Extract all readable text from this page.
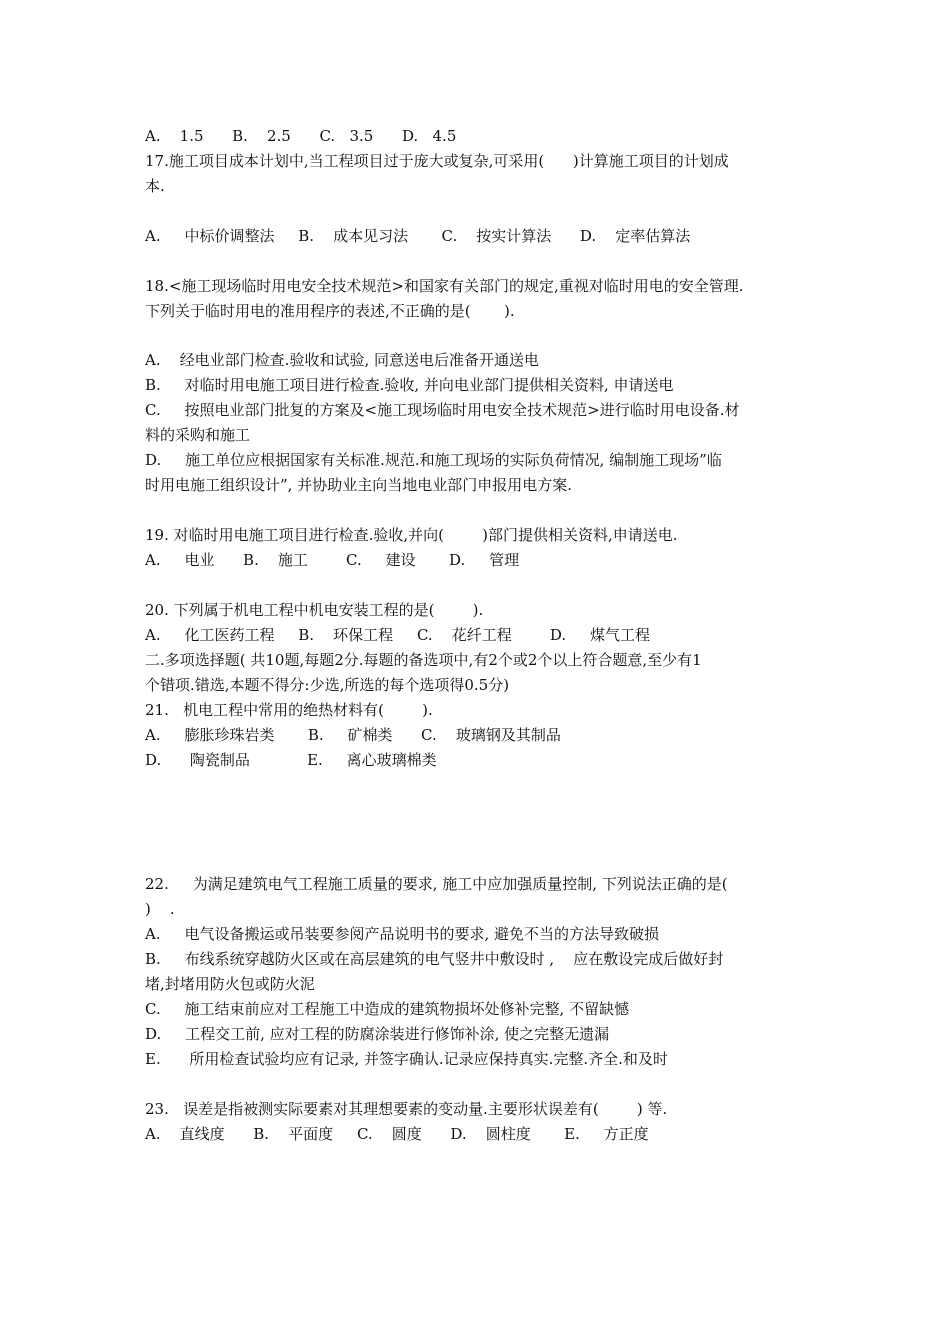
A.    1.5      B.    2.5      C.   3.5      D.   4.5
17.施工项目成本计划中,当工程项目过于庞大或复杂,可采用(      )计算施工项目的计划成
本.
A.     中标价调整法     B.    成本见习法       C.    按实计算法      D.    定率估算法
18.<施工现场临时用电安全技术规范>和国家有关部门的规定,重视对临时用电的安全管理.
下列关于临时用电的准用程序的表述,不正确的是(       ).
A.    经电业部门检查.验收和试验, 同意送电后准备开通送电
B.     对临时用电施工项目进行检查.验收, 并向电业部门提供相关资料, 申请送电
C.     按照电业部门批复的方案及<施工现场临时用电安全技术规范>进行临时用电设备.材
料的采购和施工
D.     施工单位应根据国家有关标准.规范.和施工现场的实际负荷情况, 编制施工现场”临
时用电施工组织设计”, 并协助业主向当地电业部门申报用电方案.
19. 对临时用电施工项目进行检查.验收,并向(        )部门提供相关资料,申请送电.
A.     电业      B.    施工        C.     建设       D.     管理
20. 下列属于机电工程中机电安装工程的是(        ).
A.     化工医药工程     B.    环保工程     C.    花纤工程        D.     煤气工程
二.多项选择题( 共10题,每题2分.每题的备选项中,有2个或2个以上符合题意,至少有1
个错项.错选,本题不得分:少选,所选的每个选项得0.5分)
21.   机电工程中常用的绝热材料有(        ).
A.     膨胀珍珠岩类       B.     矿棉类      C.    玻璃钢及其制品
D.      陶瓷制品            E.     离心玻璃棉类
22.     为满足建筑电气工程施工质量的要求, 施工中应加强质量控制, 下列说法正确的是(
)    .
A.     电气设备搬运或吊装要参阅产品说明书的要求, 避免不当的方法导致破损
B.     布线系统穿越防火区或在高层建筑的电气竖井中敷设时 ,    应在敷设完成后做好封
堵,封堵用防火包或防火泥
C.     施工结束前应对工程施工中造成的建筑物损坏处修补完整, 不留缺憾
D.     工程交工前, 应对工程的防腐涂装进行修饰补涂, 使之完整无遗漏
E.      所用检查试验均应有记录, 并签字确认.记录应保持真实.完整.齐全.和及时
23.   误差是指被测实际要素对其理想要素的变动量.主要形状误差有(        ) 等.
A.    直线度      B.    平面度     C.    圆度      D.    圆柱度       E.     方正度
